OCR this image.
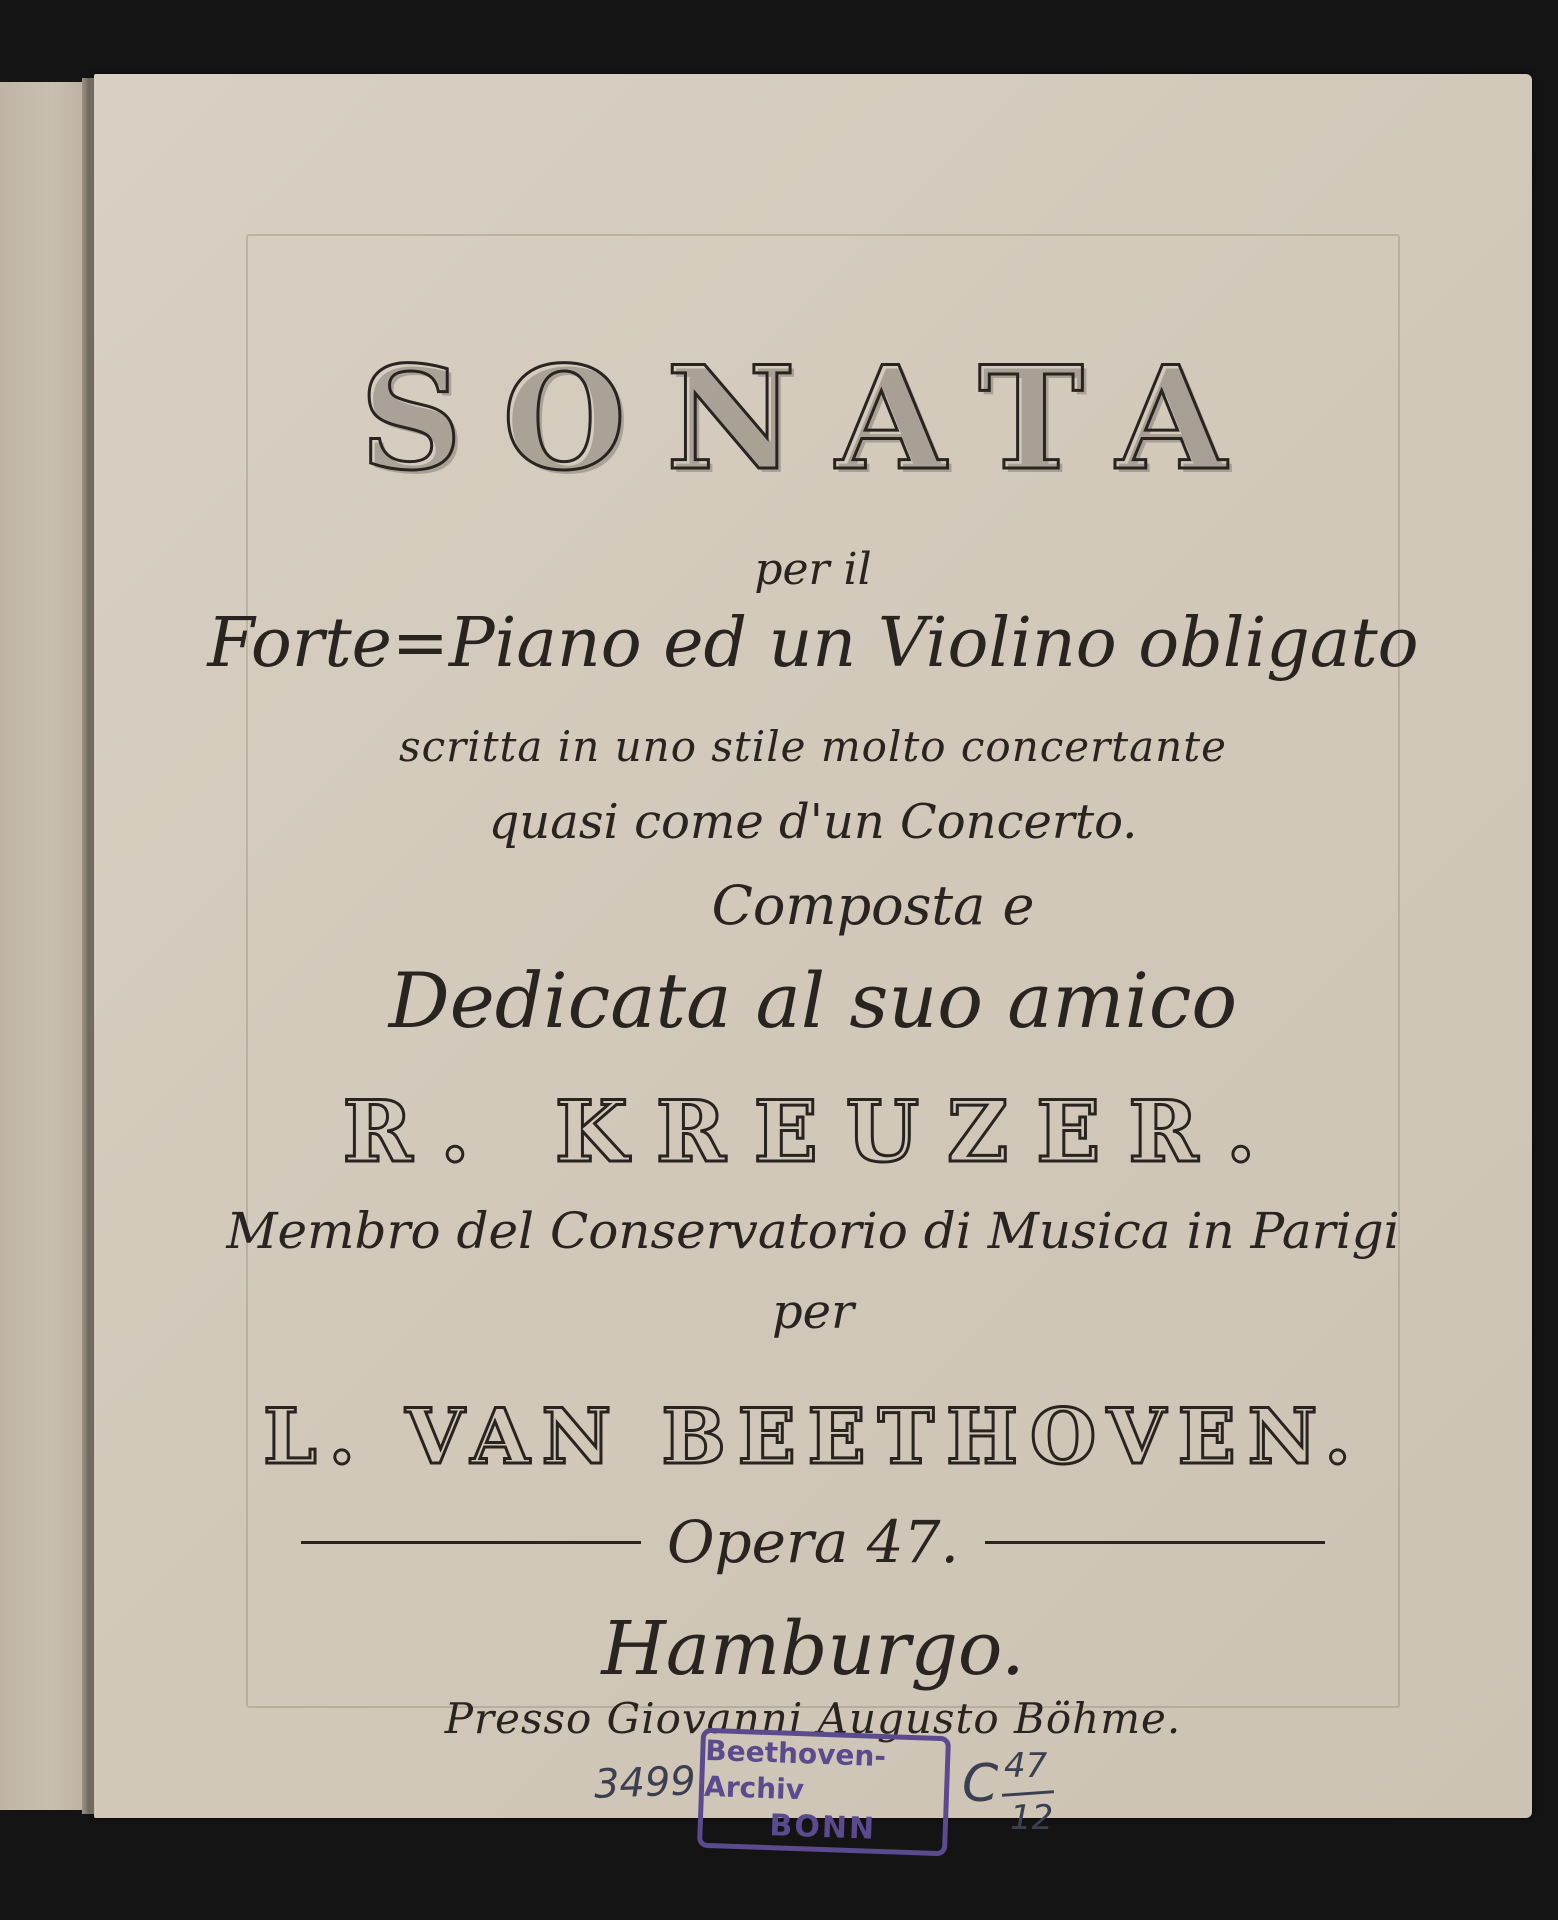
SONATA
per il
Forte=Piano ed un Violino obligato
scritta in uno stile molto concertante
quasi come d'un Concerto.
Composta e
Dedicata al suo amico
R. KREUZER.
Membro del Conservatorio di Musica in Parigi
per
L. VAN BEETHOVEN.
Opera 47.
Hamburgo.
Presso Giovanni Augusto Böhme.
3499
Beethoven-Archiv
BONN
C 47
12
